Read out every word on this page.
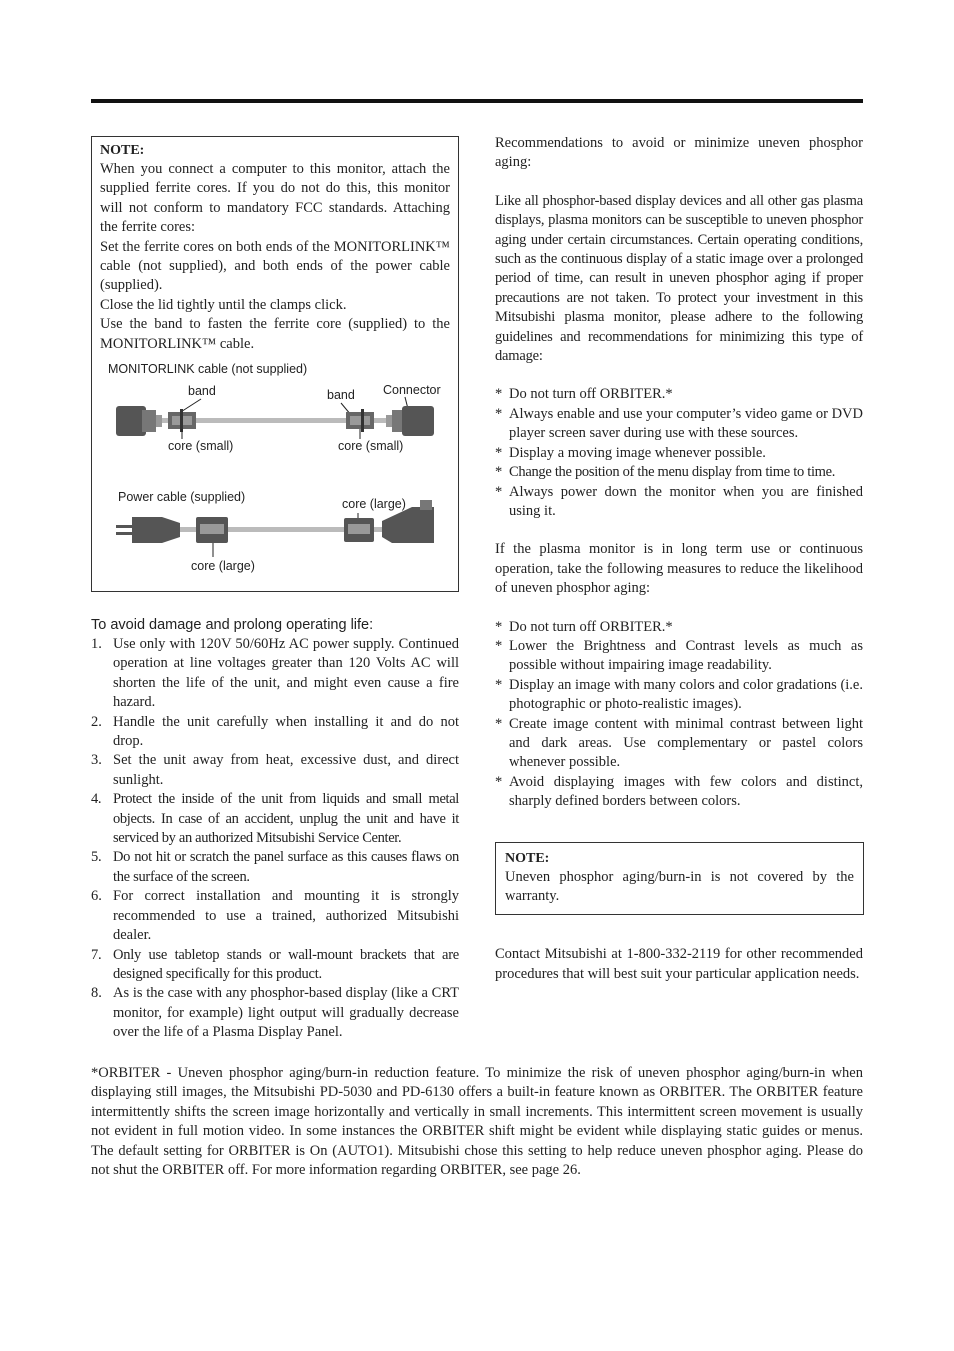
NOTE:

When you connect a computer to this monitor, attach the supplied ferrite cores. If you do not do this, this monitor will not conform to mandatory FCC standards. Attaching the ferrite cores:

Set the ferrite cores on both ends of the MONITORLINK™ cable (not supplied), and both ends of the power cable (supplied).

Close the lid tightly until the clamps click.

Use the band to fasten the ferrite core (supplied) to the MONITORLINK™ cable.

MONITORLINK cable (not supplied)
band	band Connector
core (small)	core (small)
Power cable (supplied)	core (large)
core (large)
To avoid damage and prolong operating life:
1. Use only with 120V 50/60Hz AC power supply. Continued operation at line voltages greater than 120 Volts AC will shorten the life of the unit, and might even cause a fire hazard.
2. Handle the unit carefully when installing it and do not drop.
3. Set the unit away from heat, excessive dust, and direct sunlight.
4. Protect the inside of the unit from liquids and small metal objects. In case of an accident, unplug the unit and have it serviced by an authorized Mitsubishi Service Center.
5. Do not hit or scratch the panel surface as this causes flaws on the surface of the screen.
6. For correct installation and mounting it is strongly recommended to use a trained, authorized Mitsubishi dealer.
7. Only use tabletop stands or wall-mount brackets that are designed specifically for this product.
8. As is the case with any phosphor-based display (like a CRT monitor, for example) light output will gradually decrease over the life of a Plasma Display Panel.

Recommendations to avoid or minimize uneven phosphor aging:

Like all phosphor-based display devices and all other gas plasma displays, plasma monitors can be susceptible to uneven phosphor aging under certain circumstances. Certain operating conditions, such as the continuous display of a static image over a prolonged period of time, can result in uneven phosphor aging if proper precautions are not taken. To protect your investment in this Mitsubishi plasma monitor, please adhere to the following guidelines and recommendations for minimizing this type of damage:

* Do not turn off ORBITER.*
* Always enable and use your computer’s video game or DVD player screen saver during use with these sources.
* Display a moving image whenever possible.
* Change the position of the menu display from time to time.
* Always power down the monitor when you are finished using it.

If the plasma monitor is in long term use or continuous operation, take the following measures to reduce the likelihood of uneven phosphor aging:

* Do not turn off ORBITER.*
* Lower the Brightness and Contrast levels as much as possible without impairing image readability.
* Display an image with many colors and color gradations (i.e. photographic or photo-realistic images).
* Create image content with minimal contrast between light and dark areas. Use complementary or pastel colors whenever possible.
* Avoid displaying images with few colors and distinct, sharply defined borders between colors.
NOTE:

Uneven phosphor aging/burn-in is not covered by the warranty.

Contact Mitsubishi at 1-800-332-2119 for other recommended procedures that will best suit your particular application needs.

*ORBITER - Uneven phosphor aging/burn-in reduction feature. To minimize the risk of uneven phosphor aging/burn-in when displaying still images, the Mitsubishi PD-5030 and PD-6130 offers a built-in feature known as ORBITER. The ORBITER feature intermittently shifts the screen image horizontally and vertically in small increments. This intermittent screen movement is usually not evident in full motion video. In some instances the ORBITER shift might be evident while displaying static guides or menus. The default setting for ORBITER is On (AUTO1). Mitsubishi chose this setting to help reduce uneven phosphor aging. Please do not shut the ORBITER off. For more information regarding ORBITER, see page 26.
